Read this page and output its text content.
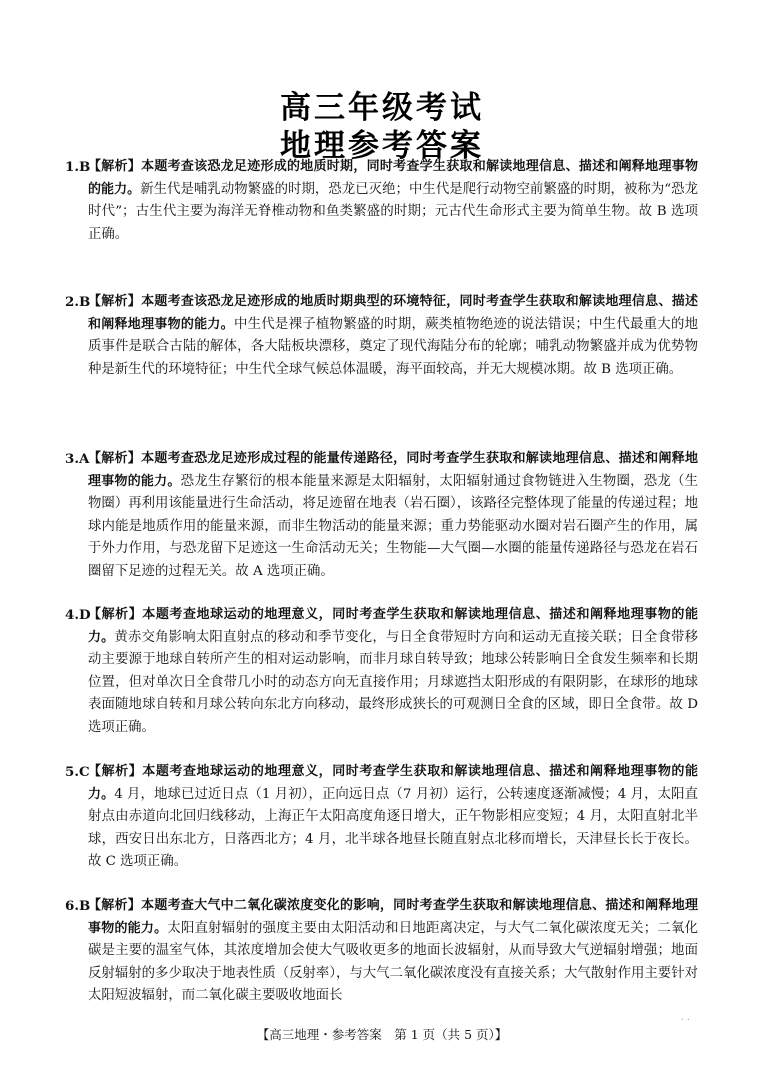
高三年级考试
地理参考答案
1.B
【解析】本题考查该恐龙足迹形成的地质时期，同时考查学生获取和解读地理信息、描述和阐释地理事物的能力。新生代是哺乳动物繁盛的时期，恐龙已灭绝；中生代是爬行动物空前繁盛的时期，被称为“恐龙时代”；古生代主要为海洋无脊椎动物和鱼类繁盛的时期；元古代生命形式主要为简单生物。故 B 选项正确。
2.B
【解析】本题考查该恐龙足迹形成的地质时期典型的环境特征，同时考查学生获取和解读地理信息、描述和阐释地理事物的能力。中生代是裸子植物繁盛的时期，蕨类植物绝迹的说法错误；中生代最重大的地质事件是联合古陆的解体，各大陆板块漂移，奠定了现代海陆分布的轮廓；哺乳动物繁盛并成为优势物种是新生代的环境特征；中生代全球气候总体温暖，海平面较高，并无大规模冰期。故 B 选项正确。
3.A
【解析】本题考查恐龙足迹形成过程的能量传递路径，同时考查学生获取和解读地理信息、描述和阐释地理事物的能力。恐龙生存繁衍的根本能量来源是太阳辐射，太阳辐射通过食物链进入生物圈，恐龙（生物圈）再利用该能量进行生命活动，将足迹留在地表（岩石圈），该路径完整体现了能量的传递过程；地球内能是地质作用的能量来源，而非生物活动的能量来源；重力势能驱动水圈对岩石圈产生的作用，属于外力作用，与恐龙留下足迹这一生命活动无关；生物能—大气圈—水圈的能量传递路径与恐龙在岩石圈留下足迹的过程无关。故 A 选项正确。
4.D
【解析】本题考查地球运动的地理意义，同时考查学生获取和解读地理信息、描述和阐释地理事物的能力。黄赤交角影响太阳直射点的移动和季节变化，与日全食带短时方向和运动无直接关联；日全食带移动主要源于地球自转所产生的相对运动影响，而非月球自转导致；地球公转影响日全食发生频率和长期位置，但对单次日全食带几小时的动态方向无直接作用；月球遮挡太阳形成的有限阴影，在球形的地球表面随地球自转和月球公转向东北方向移动，最终形成狭长的可观测日全食的区域，即日全食带。故 D 选项正确。
5.C
【解析】本题考查地球运动的地理意义，同时考查学生获取和解读地理信息、描述和阐释地理事物的能力。4 月，地球已过近日点（1 月初），正向远日点（7 月初）运行，公转速度逐渐减慢；4 月，太阳直射点由赤道向北回归线移动，上海正午太阳高度角逐日增大，正午物影相应变短；4 月，太阳直射北半球，西安日出东北方，日落西北方；4 月，北半球各地昼长随直射点北移而增长，天津昼长长于夜长。故 C 选项正确。
6.B
【解析】本题考查大气中二氧化碳浓度变化的影响，同时考查学生获取和解读地理信息、描述和阐释地理事物的能力。太阳直射辐射的强度主要由太阳活动和日地距离决定，与大气二氧化碳浓度无关；二氧化碳是主要的温室气体，其浓度增加会使大气吸收更多的地面长波辐射，从而导致大气逆辐射增强；地面反射辐射的多少取决于地表性质（反射率），与大气二氧化碳浓度没有直接关系；大气散射作用主要针对太阳短波辐射，而二氧化碳主要吸收地面长
. .
【高三地理・参考答案　第 1 页（共 5 页）】
